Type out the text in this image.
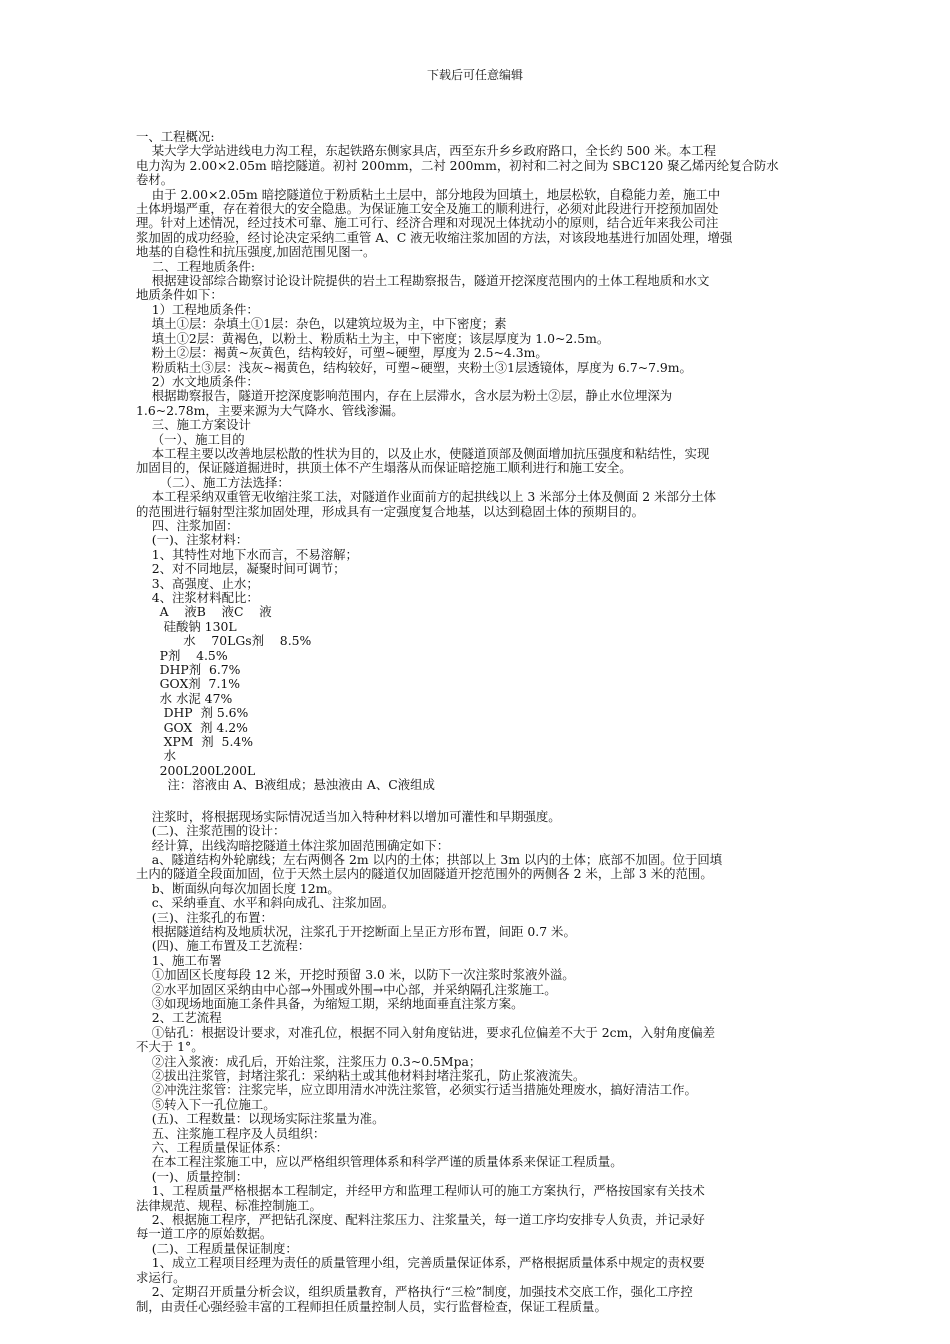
下载后可任意编辑
一、工程概况:
某大学大学站进线电力沟工程，东起铁路东侧家具店，西至东升乡乡政府路口，全长约 500 米。本工程
电力沟为 2.00×2.05m 暗挖隧道。初衬 200mm，二衬 200mm，初衬和二衬之间为 SBC120 聚乙烯丙纶复合防水
卷材。
由于 2.00×2.05m 暗挖隧道位于粉质粘土土层中，部分地段为回填土，地层松软，自稳能力差，施工中
土体坍塌严重，存在着很大的安全隐患。为保证施工安全及施工的顺利进行，必须对此段进行开挖预加固处
理。针对上述情况，经过技术可靠、施工可行、经济合理和对现况土体扰动小的原则，结合近年来我公司注
浆加固的成功经验，经讨论决定采纳二重管 A、C 液无收缩注浆加固的方法，对该段地基进行加固处理，增强
地基的自稳性和抗压强度,加固范围见图一。
二、工程地质条件:
根据建设部综合勘察讨论设计院提供的岩土工程勘察报告，隧道开挖深度范围内的土体工程地质和水文
地质条件如下：
1）工程地质条件：
填土①层：杂填土①1层：杂色，以建筑垃圾为主，中下密度；素
填土①2层：黄褐色，以粉土、粉质粘土为主，中下密度；该层厚度为 1.0~2.5m。
粉土②层：褐黄~灰黄色，结构较好，可塑~硬塑，厚度为 2.5~4.3m。
粉质粘土③层：浅灰~褐黄色，结构较好，可塑~硬塑，夹粉土③1层透镜体，厚度为 6.7~7.9m。
2）水文地质条件：
根据勘察报告，隧道开挖深度影响范围内，存在上层滞水，含水层为粉土②层，静止水位埋深为
1.6~2.78m，主要来源为大气降水、管线渗漏。
三、施工方案设计
（一）、施工目的
本工程主要以改善地层松散的性状为目的，以及止水，使隧道顶部及侧面增加抗压强度和粘结性，实现
加固目的，保证隧道掘进时，拱顶土体不产生塌落从而保证暗挖施工顺利进行和施工安全。
（二）、施工方法选择：
本工程采纳双重管无收缩注浆工法，对隧道作业面前方的起拱线以上 3 米部分土体及侧面 2 米部分土体
的范围进行辐射型注浆加固处理，形成具有一定强度复合地基，以达到稳固土体的预期目的。
四、注浆加固：
(一)、注浆材料：
1、其特性对地下水而言，不易溶解；
2、对不同地层，凝聚时间可调节；
3、高强度、止水；
4、注浆材料配比：
A    液B    液C    液
硅酸钠 130L
水    70LGs剂    8.5%
P剂    4.5%
DHP剂  6.7%
GOX剂  7.1%
水 水泥 47%
DHP  剂 5.6%
GOX  剂 4.2%
XPM  剂  5.4%
水
200L200L200L
注：溶液由 A、B液组成；悬浊液由 A、C液组成
注浆时，将根据现场实际情况适当加入特种材料以增加可灌性和早期强度。
(二)、注浆范围的设计：
经计算，出线沟暗挖隧道土体注浆加固范围确定如下：
a、隧道结构外轮廓线；左右两侧各 2m 以内的土体；拱部以上 3m 以内的土体；底部不加固。位于回填
土内的隧道全段面加固，位于天然土层内的隧道仅加固隧道开挖范围外的两侧各 2 米，上部 3 米的范围。
b、断面纵向每次加固长度 12m。
c、采纳垂直、水平和斜向成孔、注浆加固。
(三)、注浆孔的布置：
根据隧道结构及地质状况，注浆孔于开挖断面上呈正方形布置，间距 0.7 米。
(四)、施工布置及工艺流程：
1、施工布署
①加固区长度每段 12 米，开挖时预留 3.0 米，以防下一次注浆时浆液外溢。
②水平加固区采纳由中心部→外围或外围→中心部，并采纳隔孔注浆施工。
③如现场地面施工条件具备，为缩短工期，采纳地面垂直注浆方案。
2、工艺流程
①钻孔：根据设计要求，对准孔位，根据不同入射角度钻进，要求孔位偏差不大于 2cm，入射角度偏差
不大于 1°。
②注入浆液：成孔后，开始注浆，注浆压力 0.3~0.5Mpa；
②拔出注浆管，封堵注浆孔：采纳粘土或其他材料封堵注浆孔，防止浆液流失。
②冲洗注浆管：注浆完毕，应立即用清水冲洗注浆管，必须实行适当措施处理废水，搞好清洁工作。
⑤转入下一孔位施工。
(五)、工程数量：以现场实际注浆量为准。
五、注浆施工程序及人员组织：
六、工程质量保证体系：
在本工程注浆施工中，应以严格组织管理体系和科学严谨的质量体系来保证工程质量。
(一)、质量控制：
1、工程质量严格根据本工程制定，并经甲方和监理工程师认可的施工方案执行，严格按国家有关技术
法律规范、规程、标准控制施工。
2、根据施工程序，严把钻孔深度、配料注浆压力、注浆量关，每一道工序均安排专人负责，并记录好
每一道工序的原始数据。
(二)、工程质量保证制度：
1、成立工程项目经理为责任的质量管理小组，完善质量保证体系，严格根据质量体系中规定的责权要
求运行。
2、定期召开质量分析会议，组织质量教育，严格执行“三检”制度，加强技术交底工作，强化工序控
制，由责任心强经验丰富的工程师担任质量控制人员，实行监督检查，保证工程质量。
